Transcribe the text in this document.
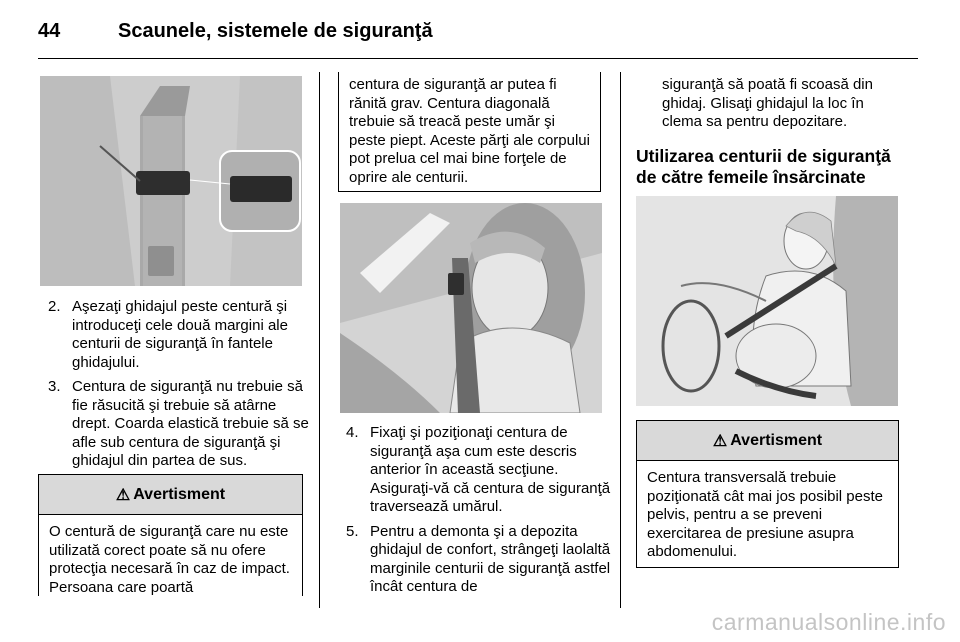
44	Scaunele, sistemele de siguranţă
2. Aşezaţi ghidajul peste centură şi introduceţi cele două margini ale centurii de siguranţă în fantele ghidajului.
3. Centura de siguranţă nu trebuie să fie răsucită şi trebuie să atârne drept. Coarda elastică trebuie să se afle sub centura de siguranţă şi ghidajul din partea de sus.
⚠ Avertisment
O centură de siguranţă care nu este utilizată corect poate să nu ofere protecţia necesară în caz de impact. Persoana care poartă
centura de siguranţă ar putea fi rănită grav. Centura diagonală trebuie să treacă peste umăr şi peste piept. Aceste părţi ale corpului pot prelua cel mai bine forţele de oprire ale centurii.
4. Fixaţi şi poziţionaţi centura de siguranţă aşa cum este descris anterior în această secţiune. Asiguraţi-vă că centura de siguranţă traversează umărul.
5. Pentru a demonta şi a depozita ghidajul de confort, strângeţi laolaltă marginile centurii de siguranţă astfel încât centura de
siguranţă să poată fi scoasă din ghidaj. Glisaţi ghidajul la loc în clema sa pentru depozitare.
Utilizarea centurii de siguranţă de către femeile însărcinate
⚠ Avertisment
Centura transversală trebuie poziţionată cât mai jos posibil peste pelvis, pentru a se preveni exercitarea de presiune asupra abdomenului.
carmanualsonline.info
